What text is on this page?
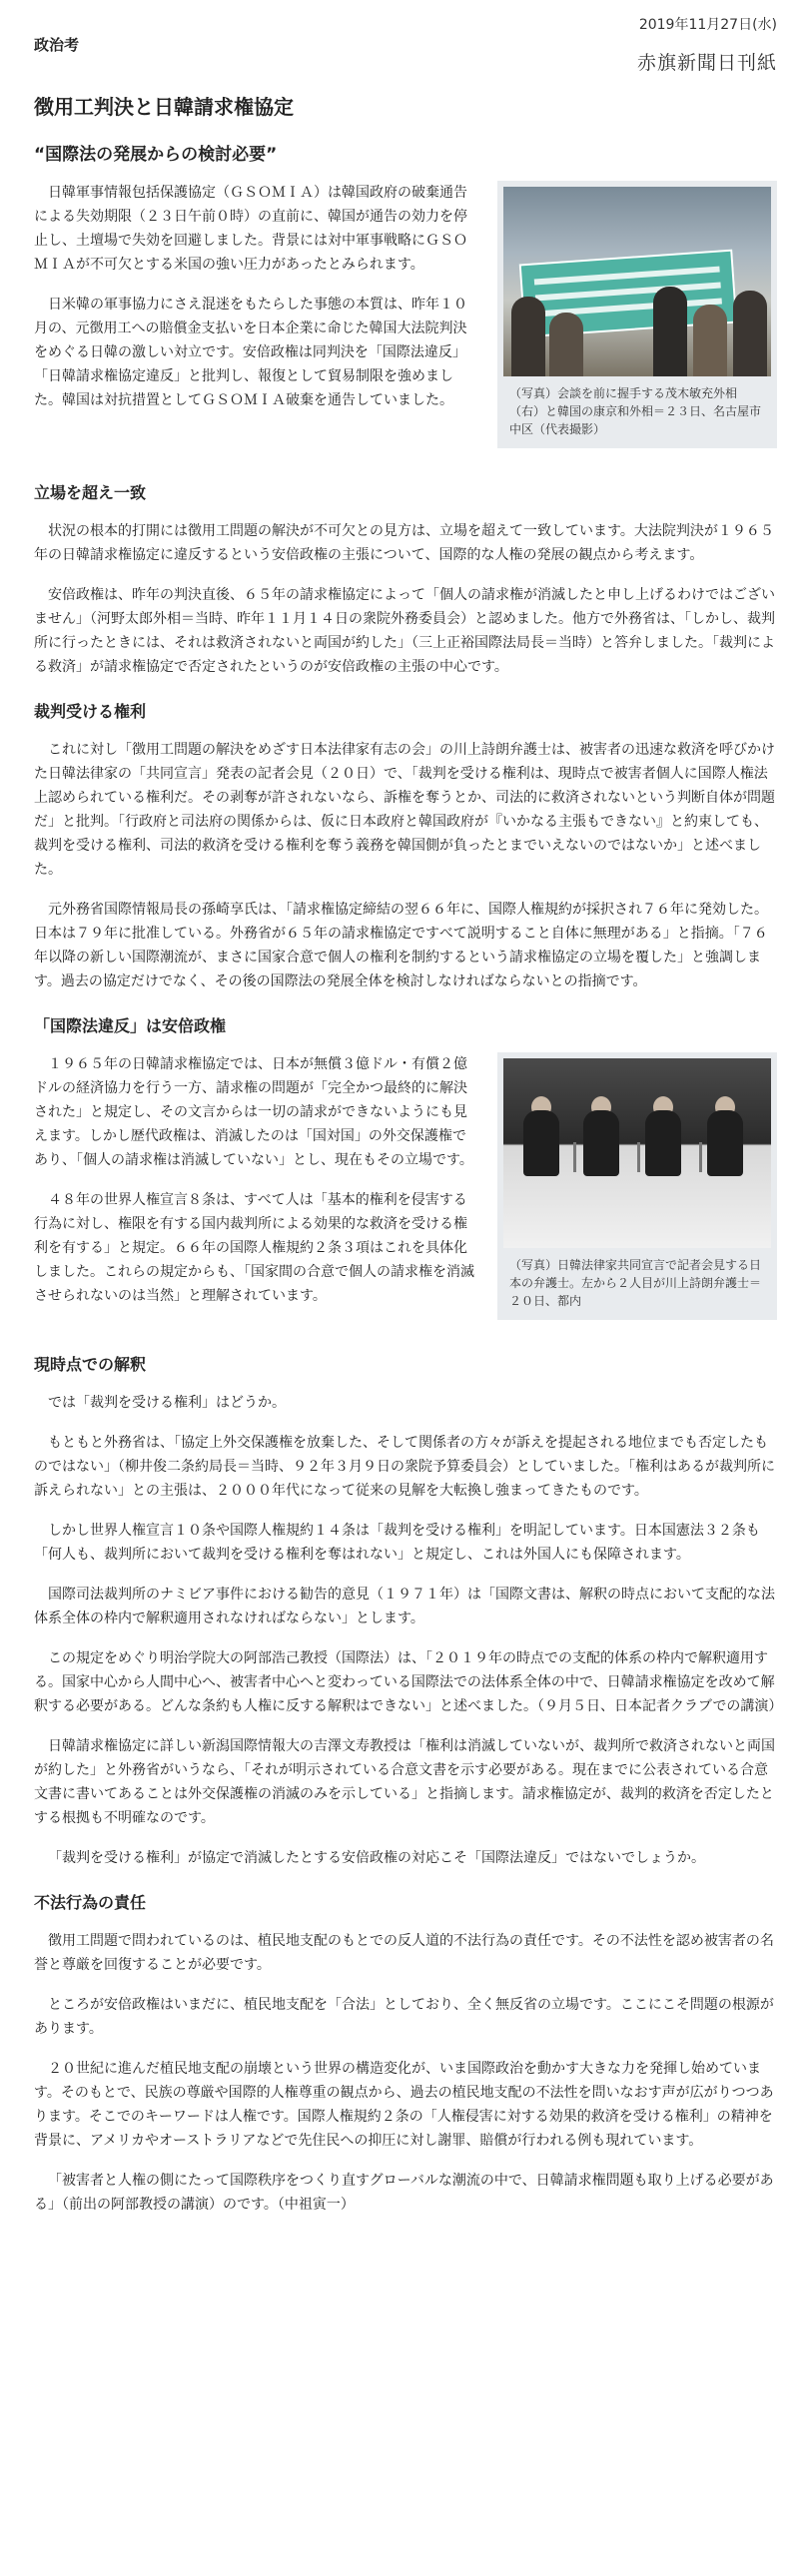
2019年11月27日(水)
赤旗新聞日刊紙
政治考
徴用工判決と日韓請求権協定
“国際法の発展からの検討必要”
（写真）会談を前に握手する茂木敏充外相（右）と韓国の康京和外相＝２３日、名古屋市中区（代表撮影）

日韓軍事情報包括保護協定（ＧＳＯＭＩＡ）は韓国政府の破棄通告による失効期限（２３日午前０時）の直前に、韓国が通告の効力を停止し、土壇場で失効を回避しました。背景には対中軍事戦略にＧＳＯＭＩＡが不可欠とする米国の強い圧力があったとみられます。

日米韓の軍事協力にさえ混迷をもたらした事態の本質は、昨年１０月の、元徴用工への賠償金支払いを日本企業に命じた韓国大法院判決をめぐる日韓の激しい対立です。安倍政権は同判決を「国際法違反」「日韓請求権協定違反」と批判し、報復として貿易制限を強めました。韓国は対抗措置としてＧＳＯＭＩＡ破棄を通告していました。

立場を超え一致

状況の根本的打開には徴用工問題の解決が不可欠との見方は、立場を超えて一致しています。大法院判決が１９６５年の日韓請求権協定に違反するという安倍政権の主張について、国際的な人権の発展の観点から考えます。

安倍政権は、昨年の判決直後、６５年の請求権協定によって「個人の請求権が消滅したと申し上げるわけではございません」（河野太郎外相＝当時、昨年１１月１４日の衆院外務委員会）と認めました。他方で外務省は、「しかし、裁判所に行ったときには、それは救済されないと両国が約した」（三上正裕国際法局長＝当時）と答弁しました。「裁判による救済」が請求権協定で否定されたというのが安倍政権の主張の中心です。

裁判受ける権利

これに対し「徴用工問題の解決をめざす日本法律家有志の会」の川上詩朗弁護士は、被害者の迅速な救済を呼びかけた日韓法律家の「共同宣言」発表の記者会見（２０日）で、「裁判を受ける権利は、現時点で被害者個人に国際人権法上認められている権利だ。その剥奪が許されないなら、訴権を奪うとか、司法的に救済されないという判断自体が問題だ」と批判。「行政府と司法府の関係からは、仮に日本政府と韓国政府が『いかなる主張もできない』と約束しても、裁判を受ける権利、司法的救済を受ける権利を奪う義務を韓国側が負ったとまでいえないのではないか」と述べました。

元外務省国際情報局長の孫崎享氏は、「請求権協定締結の翌６６年に、国際人権規約が採択され７６年に発効した。日本は７９年に批准している。外務省が６５年の請求権協定ですべて説明すること自体に無理がある」と指摘。「７６年以降の新しい国際潮流が、まさに国家合意で個人の権利を制約するという請求権協定の立場を覆した」と強調します。過去の協定だけでなく、その後の国際法の発展全体を検討しなければならないとの指摘です。

「国際法違反」は安倍政権
（写真）日韓法律家共同宣言で記者会見する日本の弁護士。左から２人目が川上詩朗弁護士＝２０日、都内

１９６５年の日韓請求権協定では、日本が無償３億ドル・有償２億ドルの経済協力を行う一方、請求権の問題が「完全かつ最終的に解決された」と規定し、その文言からは一切の請求ができないようにも見えます。しかし歴代政権は、消滅したのは「国対国」の外交保護権であり、「個人の請求権は消滅していない」とし、現在もその立場です。

４８年の世界人権宣言８条は、すべて人は「基本的権利を侵害する行為に対し、権限を有する国内裁判所による効果的な救済を受ける権利を有する」と規定。６６年の国際人権規約２条３項はこれを具体化しました。これらの規定からも、「国家間の合意で個人の請求権を消滅させられないのは当然」と理解されています。

現時点での解釈

では「裁判を受ける権利」はどうか。

もともと外務省は、「協定上外交保護権を放棄した、そして関係者の方々が訴えを提起される地位までも否定したものではない」（柳井俊二条約局長＝当時、９２年３月９日の衆院予算委員会）としていました。「権利はあるが裁判所に訴えられない」との主張は、２０００年代になって従来の見解を大転換し強まってきたものです。

しかし世界人権宣言１０条や国際人権規約１４条は「裁判を受ける権利」を明記しています。日本国憲法３２条も「何人も、裁判所において裁判を受ける権利を奪はれない」と規定し、これは外国人にも保障されます。

国際司法裁判所のナミビア事件における勧告的意見（１９７１年）は「国際文書は、解釈の時点において支配的な法体系全体の枠内で解釈適用されなければならない」とします。

この規定をめぐり明治学院大の阿部浩己教授（国際法）は、「２０１９年の時点での支配的体系の枠内で解釈適用する。国家中心から人間中心へ、被害者中心へと変わっている国際法での法体系全体の中で、日韓請求権協定を改めて解釈する必要がある。どんな条約も人権に反する解釈はできない」と述べました。（９月５日、日本記者クラブでの講演）

日韓請求権協定に詳しい新潟国際情報大の吉澤文寿教授は「権利は消滅していないが、裁判所で救済されないと両国が約した」と外務省がいうなら、「それが明示されている合意文書を示す必要がある。現在までに公表されている合意文書に書いてあることは外交保護権の消滅のみを示している」と指摘します。請求権協定が、裁判的救済を否定したとする根拠も不明確なのです。

「裁判を受ける権利」が協定で消滅したとする安倍政権の対応こそ「国際法違反」ではないでしょうか。

不法行為の責任

徴用工問題で問われているのは、植民地支配のもとでの反人道的不法行為の責任です。その不法性を認め被害者の名誉と尊厳を回復することが必要です。

ところが安倍政権はいまだに、植民地支配を「合法」としており、全く無反省の立場です。ここにこそ問題の根源があります。

２０世紀に進んだ植民地支配の崩壊という世界の構造変化が、いま国際政治を動かす大きな力を発揮し始めています。そのもとで、民族の尊厳や国際的人権尊重の観点から、過去の植民地支配の不法性を問いなおす声が広がりつつあります。そこでのキーワードは人権です。国際人権規約２条の「人権侵害に対する効果的救済を受ける権利」の精神を背景に、アメリカやオーストラリアなどで先住民への抑圧に対し謝罪、賠償が行われる例も現れています。

「被害者と人権の側にたって国際秩序をつくり直すグローバルな潮流の中で、日韓請求権問題も取り上げる必要がある」（前出の阿部教授の講演）のです。（中祖寅一）
